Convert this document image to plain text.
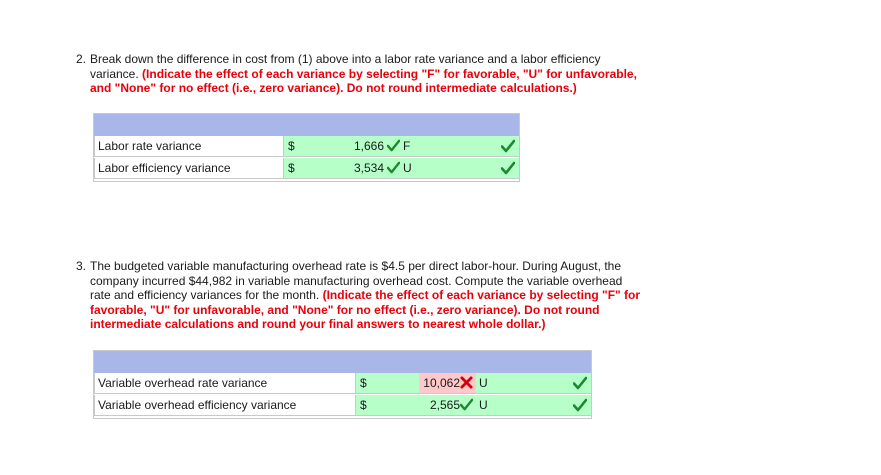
2. Break down the difference in cost from (1) above into a labor rate variance and a labor efficiency
variance. (Indicate the effect of each variance by selecting "F" for favorable, "U" for unfavorable,
and "None" for no effect (i.e., zero variance). Do not round intermediate calculations.)
Labor rate variance	$	1,666	F
Labor efficiency variance	$	3,534	U
3. The budgeted variable manufacturing overhead rate is $4.5 per direct labor-hour. During August, the
company incurred $44,982 in variable manufacturing overhead cost. Compute the variable overhead
rate and efficiency variances for the month. (Indicate the effect of each variance by selecting "F" for
favorable, "U" for unfavorable, and "None" for no effect (i.e., zero variance). Do not round
intermediate calculations and round your final answers to nearest whole dollar.)
Variable overhead rate variance	$	10,062	U
Variable overhead efficiency variance	$	2,565	U
